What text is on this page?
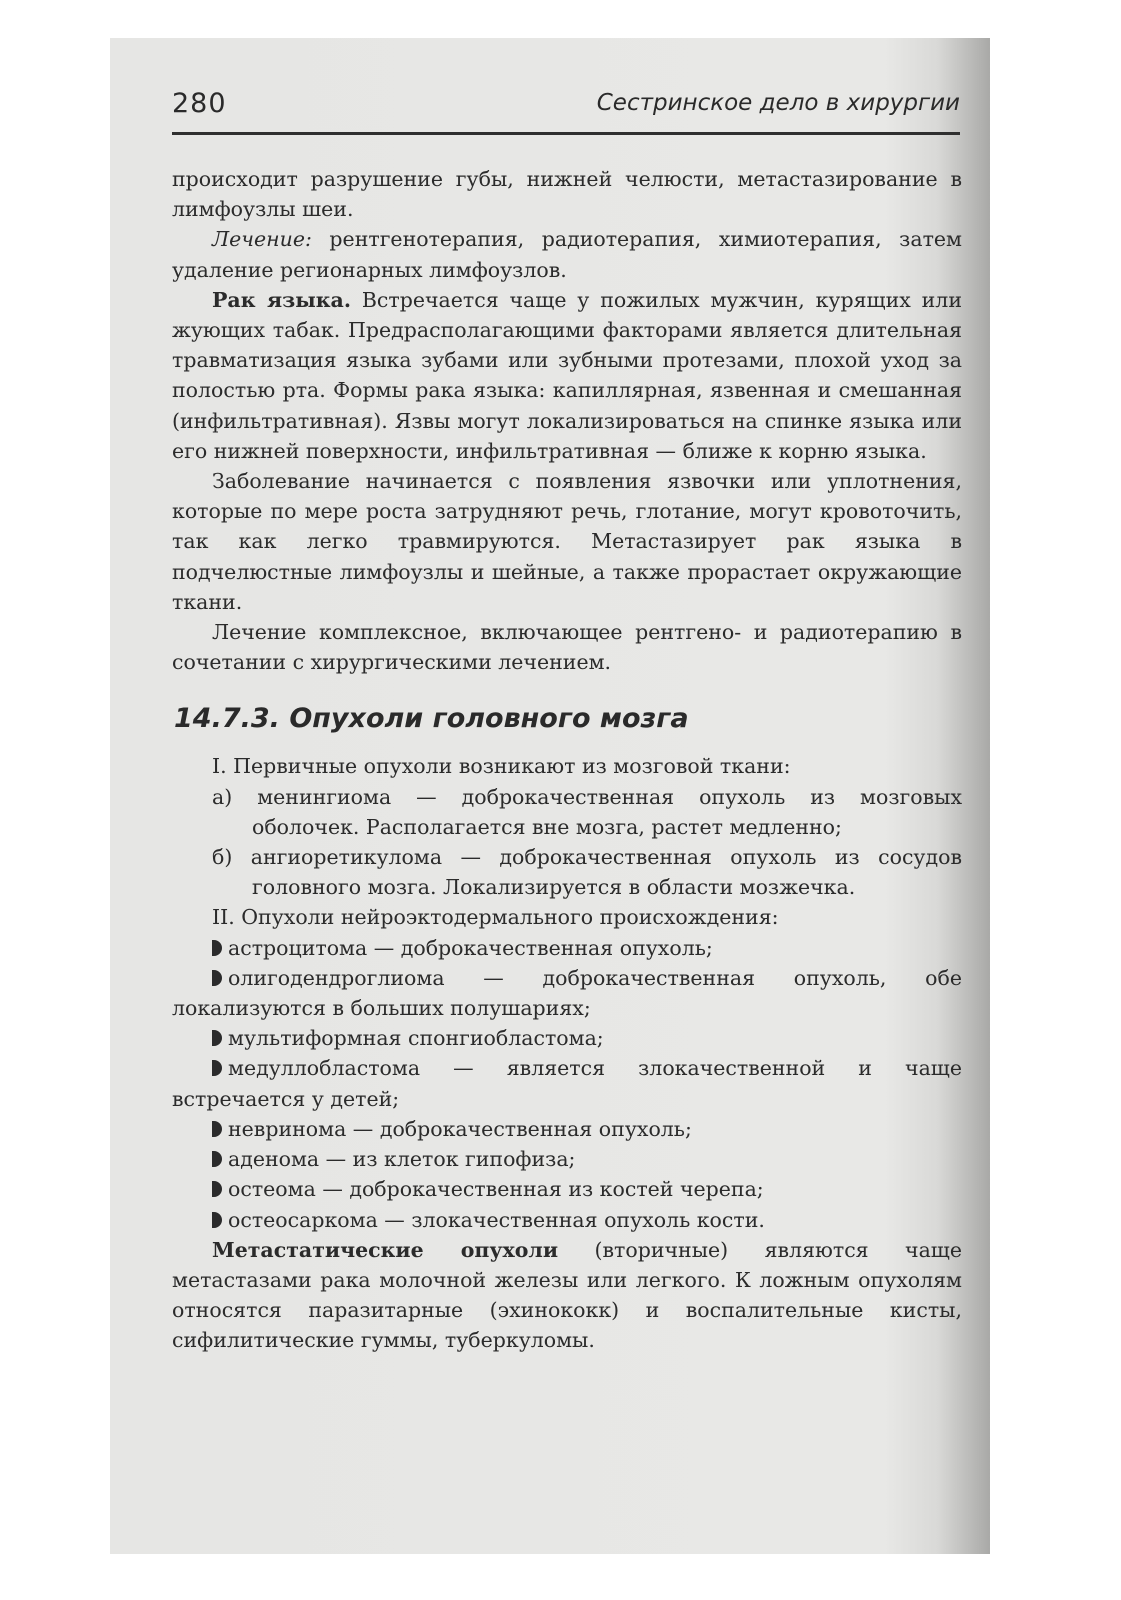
280	Сестринское дело в хирургии

происходит разрушение губы, нижней челюсти, метастазирование в лимфоузлы шеи.

Лечение: рентгенотерапия, радиотерапия, химиотерапия, затем удаление регионарных лимфоузлов.

Рак языка. Встречается чаще у пожилых мужчин, курящих или жующих табак. Предрасполагающими факторами является длительная травматизация языка зубами или зубными протезами, плохой уход за полостью рта. Формы рака языка: капиллярная, язвенная и смешанная (инфильтративная). Язвы могут локализироваться на спинке языка или его нижней поверхности, инфильтративная — ближе к корню языка.

Заболевание начинается с появления язвочки или уплотнения, которые по мере роста затрудняют речь, глотание, могут кровоточить, так как легко травмируются. Метастазирует рак языка в подчелюстные лимфоузлы и шейные, а также прорастает окружающие ткани.

Лечение комплексное, включающее рентгено- и радиотерапию в сочетании с хирургическими лечением.

14.7.3. Опухоли головного мозга

I. Первичные опухоли возникают из мозговой ткани:

а) менингиома — доброкачественная опухоль из мозговых оболочек. Располагается вне мозга, растет медленно;

б) ангиоретикулома — доброкачественная опухоль из сосудов головного мозга. Локализируется в области мозжечка.

II. Опухоли нейроэктодермального происхождения:

астроцитома — доброкачественная опухоль;

олигодендроглиома — доброкачественная опухоль, обе локализуются в больших полушариях;

мультиформная спонгиобластома;

медуллобластома — является злокачественной и чаще встречается у детей;

невринома — доброкачественная опухоль;

аденома — из клеток гипофиза;

остеома — доброкачественная из костей черепа;

остеосаркома — злокачественная опухоль кости.

Метастатические опухоли (вторичные) являются чаще метастазами рака молочной железы или легкого. К ложным опухолям относятся паразитарные (эхинококк) и воспалительные кисты, сифилитические гуммы, туберкуломы.
